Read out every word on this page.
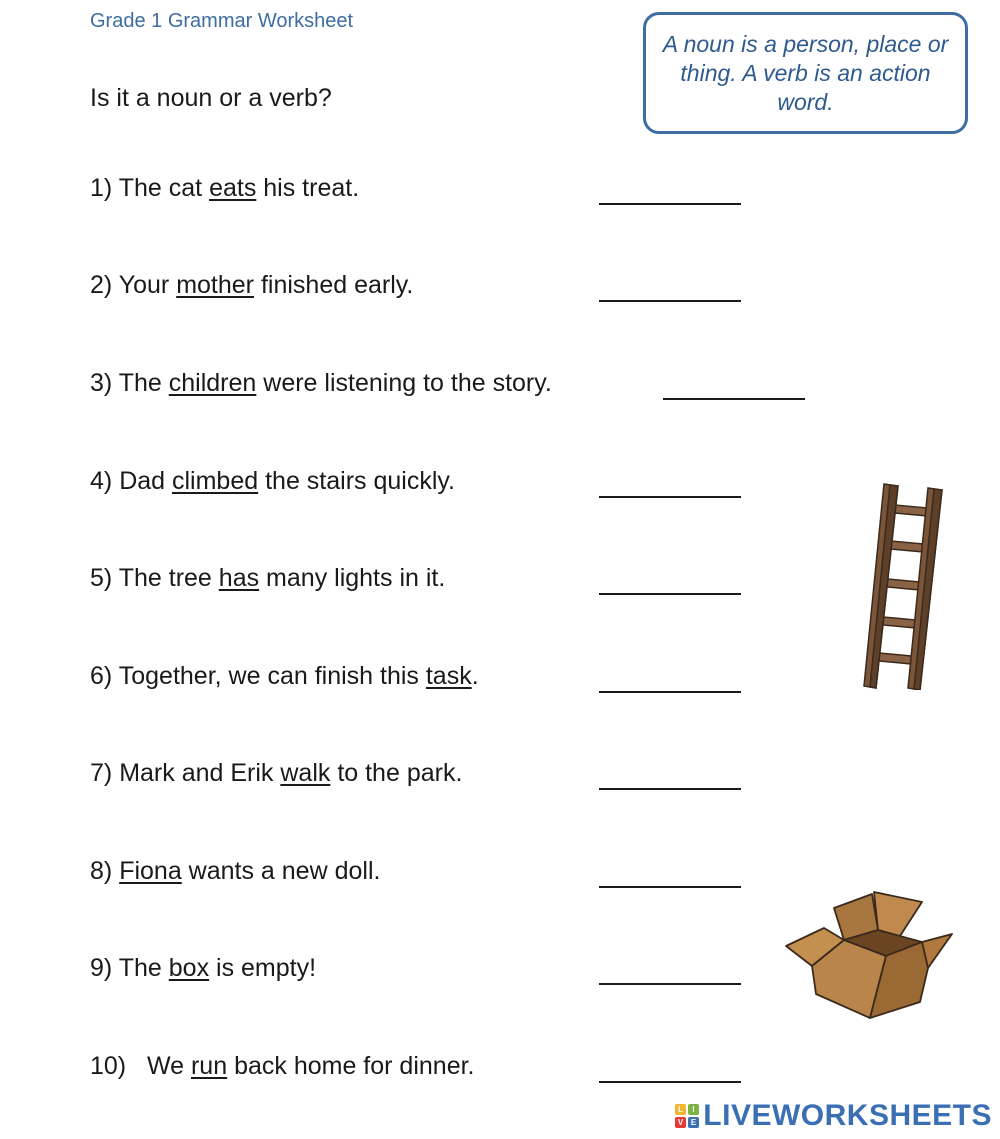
Grade 1 Grammar Worksheet
Is it a noun or a verb?
A noun is a person, place or thing. A verb is an action word.
1) The cat eats his treat.
2) Your mother finished early.
3) The children were listening to the story.
4) Dad climbed the stairs quickly.
5) The tree has many lights in it.
6) Together, we can finish this task.
7) Mark and Erik walk to the park.
8) Fiona wants a new doll.
9) The box is empty!
10)   We run back home for dinner.
L	I
V E LIVEWORKSHEETS
